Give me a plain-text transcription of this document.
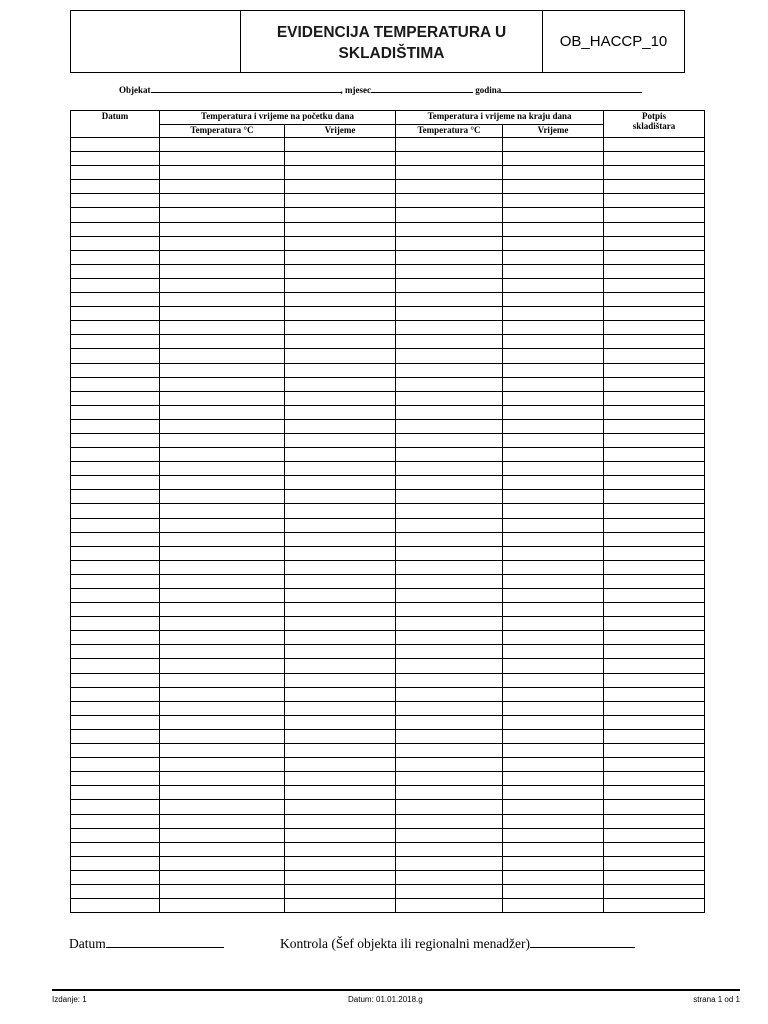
EVIDENCIJA TEMPERATURA U
SKLADIŠTIMA
OB_HACCP_10
Objekat	, mjesec	godina
Datum	Temperatura i vrijeme na početku dana		Temperatura i vrijeme na kraju dana		Potpis
skladištara

	Temperatura °C	Vrijeme	Temperatura °C	Vrijeme	

Datum	Kontrola (Šef objekta ili regionalni menadžer)
Izdanje: 1	Datum: 01.01.2018.g	strana 1 od 1
